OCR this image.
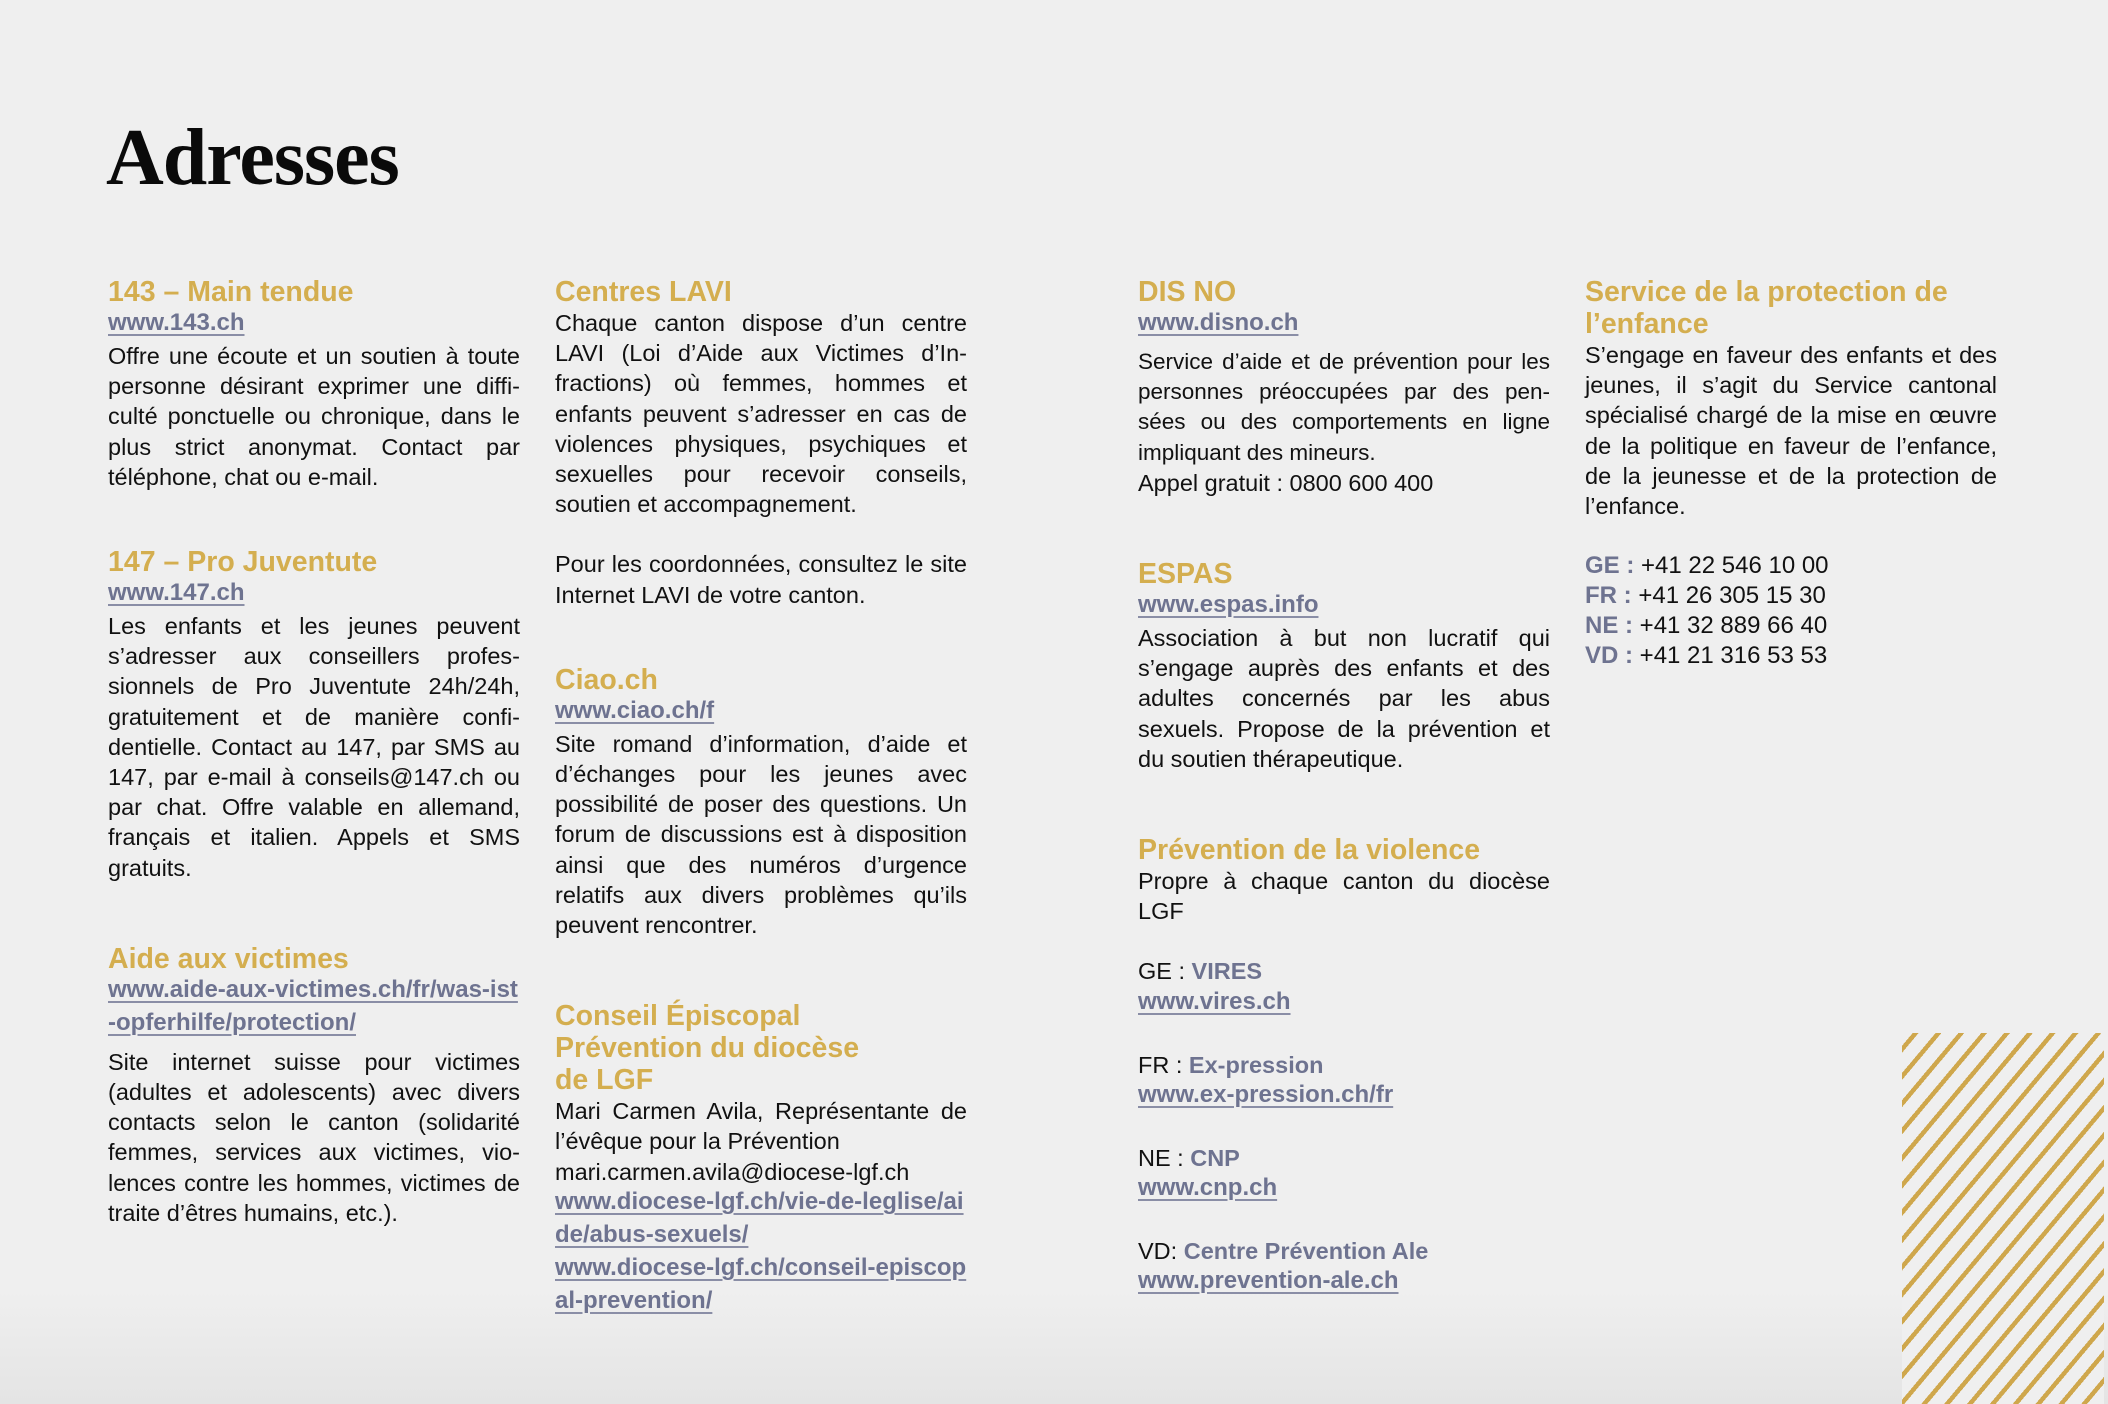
Adresses
143 – Main tendue
www.143.ch

Offre une écoute et un soutien à toute personne désirant exprimer une difficulté ponctuelle ou chronique, dans le plus strict anonymat. Contact par téléphone, chat ou e-mail.

147 – Pro Juventute
www.147.ch

Les enfants et les jeunes peuvent s’adresser aux conseillers professionnels de Pro Juventute 24h/24h, gratuitement et de manière confidentielle. Contact au 147, par SMS au 147, par e-mail à conseils@147.ch ou par chat. Offre valable en allemand, français et italien. Appels et SMS gratuits.

Aide aux victimes
www.aide-aux-victimes.ch/fr/was-ist-opferhilfe/protection/

Site internet suisse pour victimes (adultes et adolescents) avec divers contacts selon le canton (solidarité femmes, services aux victimes, violences contre les hommes, victimes de traite d’êtres humains, etc.).

Centres LAVI

Chaque canton dispose d’un centre LAVI (Loi d’Aide aux Victimes d’Infractions) où femmes, hommes et enfants peuvent s’adresser en cas de violences physiques, psychiques et sexuelles pour recevoir conseils, soutien et accompagnement.

Pour les coordonnées, consultez le site Internet LAVI de votre canton.

Ciao.ch
www.ciao.ch/f

Site romand d’information, d’aide et d’échanges pour les jeunes avec possibilité de poser des questions. Un forum de discussions est à disposition ainsi que des numéros d’urgence relatifs aux divers problèmes qu’ils peuvent rencontrer.

Conseil Épiscopal
Prévention du diocèse
de LGF

Mari Carmen Avila, Représentante de l’évêque pour la Prévention

mari.carmen.avila@diocese-lgf.ch

www.diocese-lgf.ch/vie-de-leglise/aide/abus-sexuels/
www.diocese-lgf.ch/conseil-episcopal-prevention/
DIS NO
www.disno.ch

Service d’aide et de prévention pour les personnes préoccupées par des pensées ou des comportements en ligne impliquant des mineurs.

Appel gratuit : 0800 600 400

ESPAS
www.espas.info

Association à but non lucratif qui s’engage auprès des enfants et des adultes concernés par les abus sexuels. Propose de la prévention et du soutien thérapeutique.

Prévention de la violence

Propre à chaque canton du diocèse LGF

GE : VIRES
www.vires.ch
FR : Ex-pression
www.ex-pression.ch/fr
NE : CNP
www.cnp.ch
VD: Centre Prévention Ale
www.prevention-ale.ch
Service de la protection de l’enfance

S’engage en faveur des enfants et des jeunes, il s’agit du Service cantonal spécialisé chargé de la mise en œuvre de la politique en faveur de l’enfance, de la jeunesse et de la protection de l’enfance.

GE : +41 22 546 10 00
FR : +41 26 305 15 30
NE : +41 32 889 66 40
VD : +41 21 316 53 53
